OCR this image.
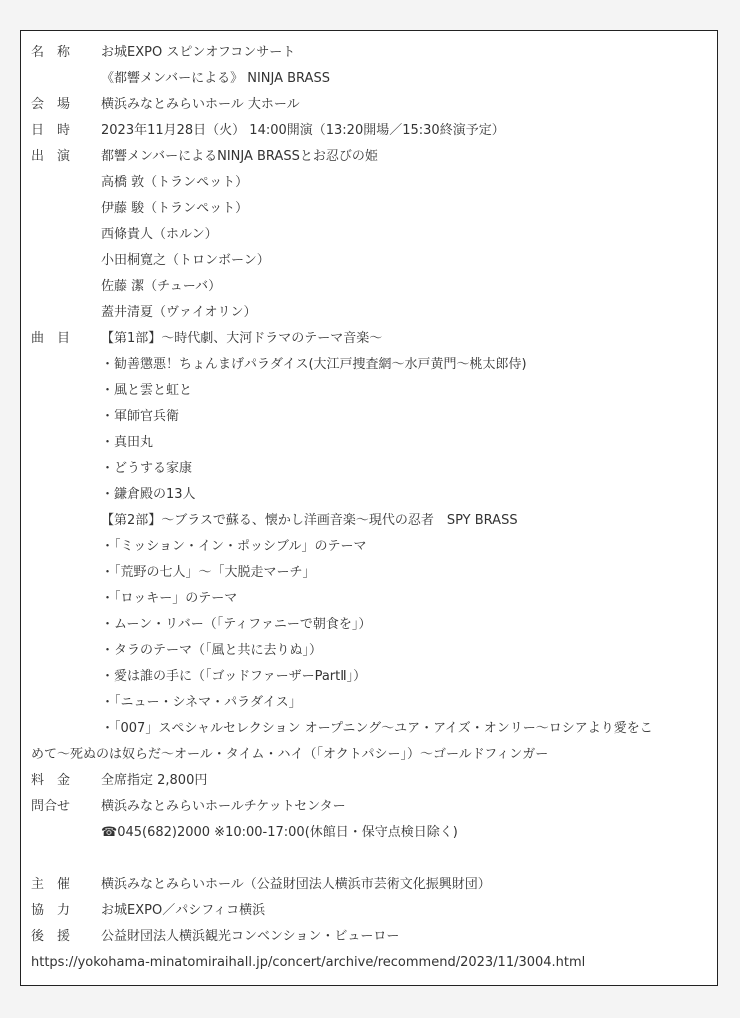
名　称	お城EXPO スピンオフコンサート
《都響メンバーによる》 NINJA BRASS
会　場	横浜みなとみらいホール 大ホール
日　時	2023年11月28日（火） 14:00開演（13:20開場／15:30終演予定）
出　演	都響メンバーによるNINJA BRASSとお忍びの姫
高橋 敦（トランペット）
伊藤 駿（トランペット）
西條貴人（ホルン）
小田桐寛之（トロンボーン）
佐藤 潔（チューバ）
蓋井清夏（ヴァイオリン）
曲　目	【第1部】～時代劇、大河ドラマのテーマ音楽～
・勧善懲悪！ちょんまげパラダイス(大江戸捜査網～水戸黄門～桃太郎侍)
・風と雲と虹と
・軍師官兵衛
・真田丸
・どうする家康
・鎌倉殿の13人
【第2部】～ブラスで蘇る、懐かし洋画音楽～現代の忍者　SPY BRASS
・「ミッション・イン・ポッシブル」のテーマ
・「荒野の七人」～「大脱走マーチ」
・「ロッキー」のテーマ
・ムーン・リバー（「ティファニーで朝食を」）
・タラのテーマ（「風と共に去りぬ」）
・愛は誰の手に（「ゴッドファーザーPartⅡ」）
・「ニュー・シネマ・パラダイス」
・「007」スペシャルセレクション オープニング～ユア・アイズ・オンリー～ロシアより愛をこ
めて～死ぬのは奴らだ～オール・タイム・ハイ（「オクトパシー」）～ゴールドフィンガー
料　金	全席指定 2,800円
問合せ	横浜みなとみらいホールチケットセンター
☎045(682)2000 ※10:00-17:00(休館日・保守点検日除く)
主　催	横浜みなとみらいホール（公益財団法人横浜市芸術文化振興財団）
協　力	お城EXPO／パシフィコ横浜
後　援	公益財団法人横浜観光コンベンション・ビューロー
https://yokohama-minatomiraihall.jp/concert/archive/recommend/2023/11/3004.html
